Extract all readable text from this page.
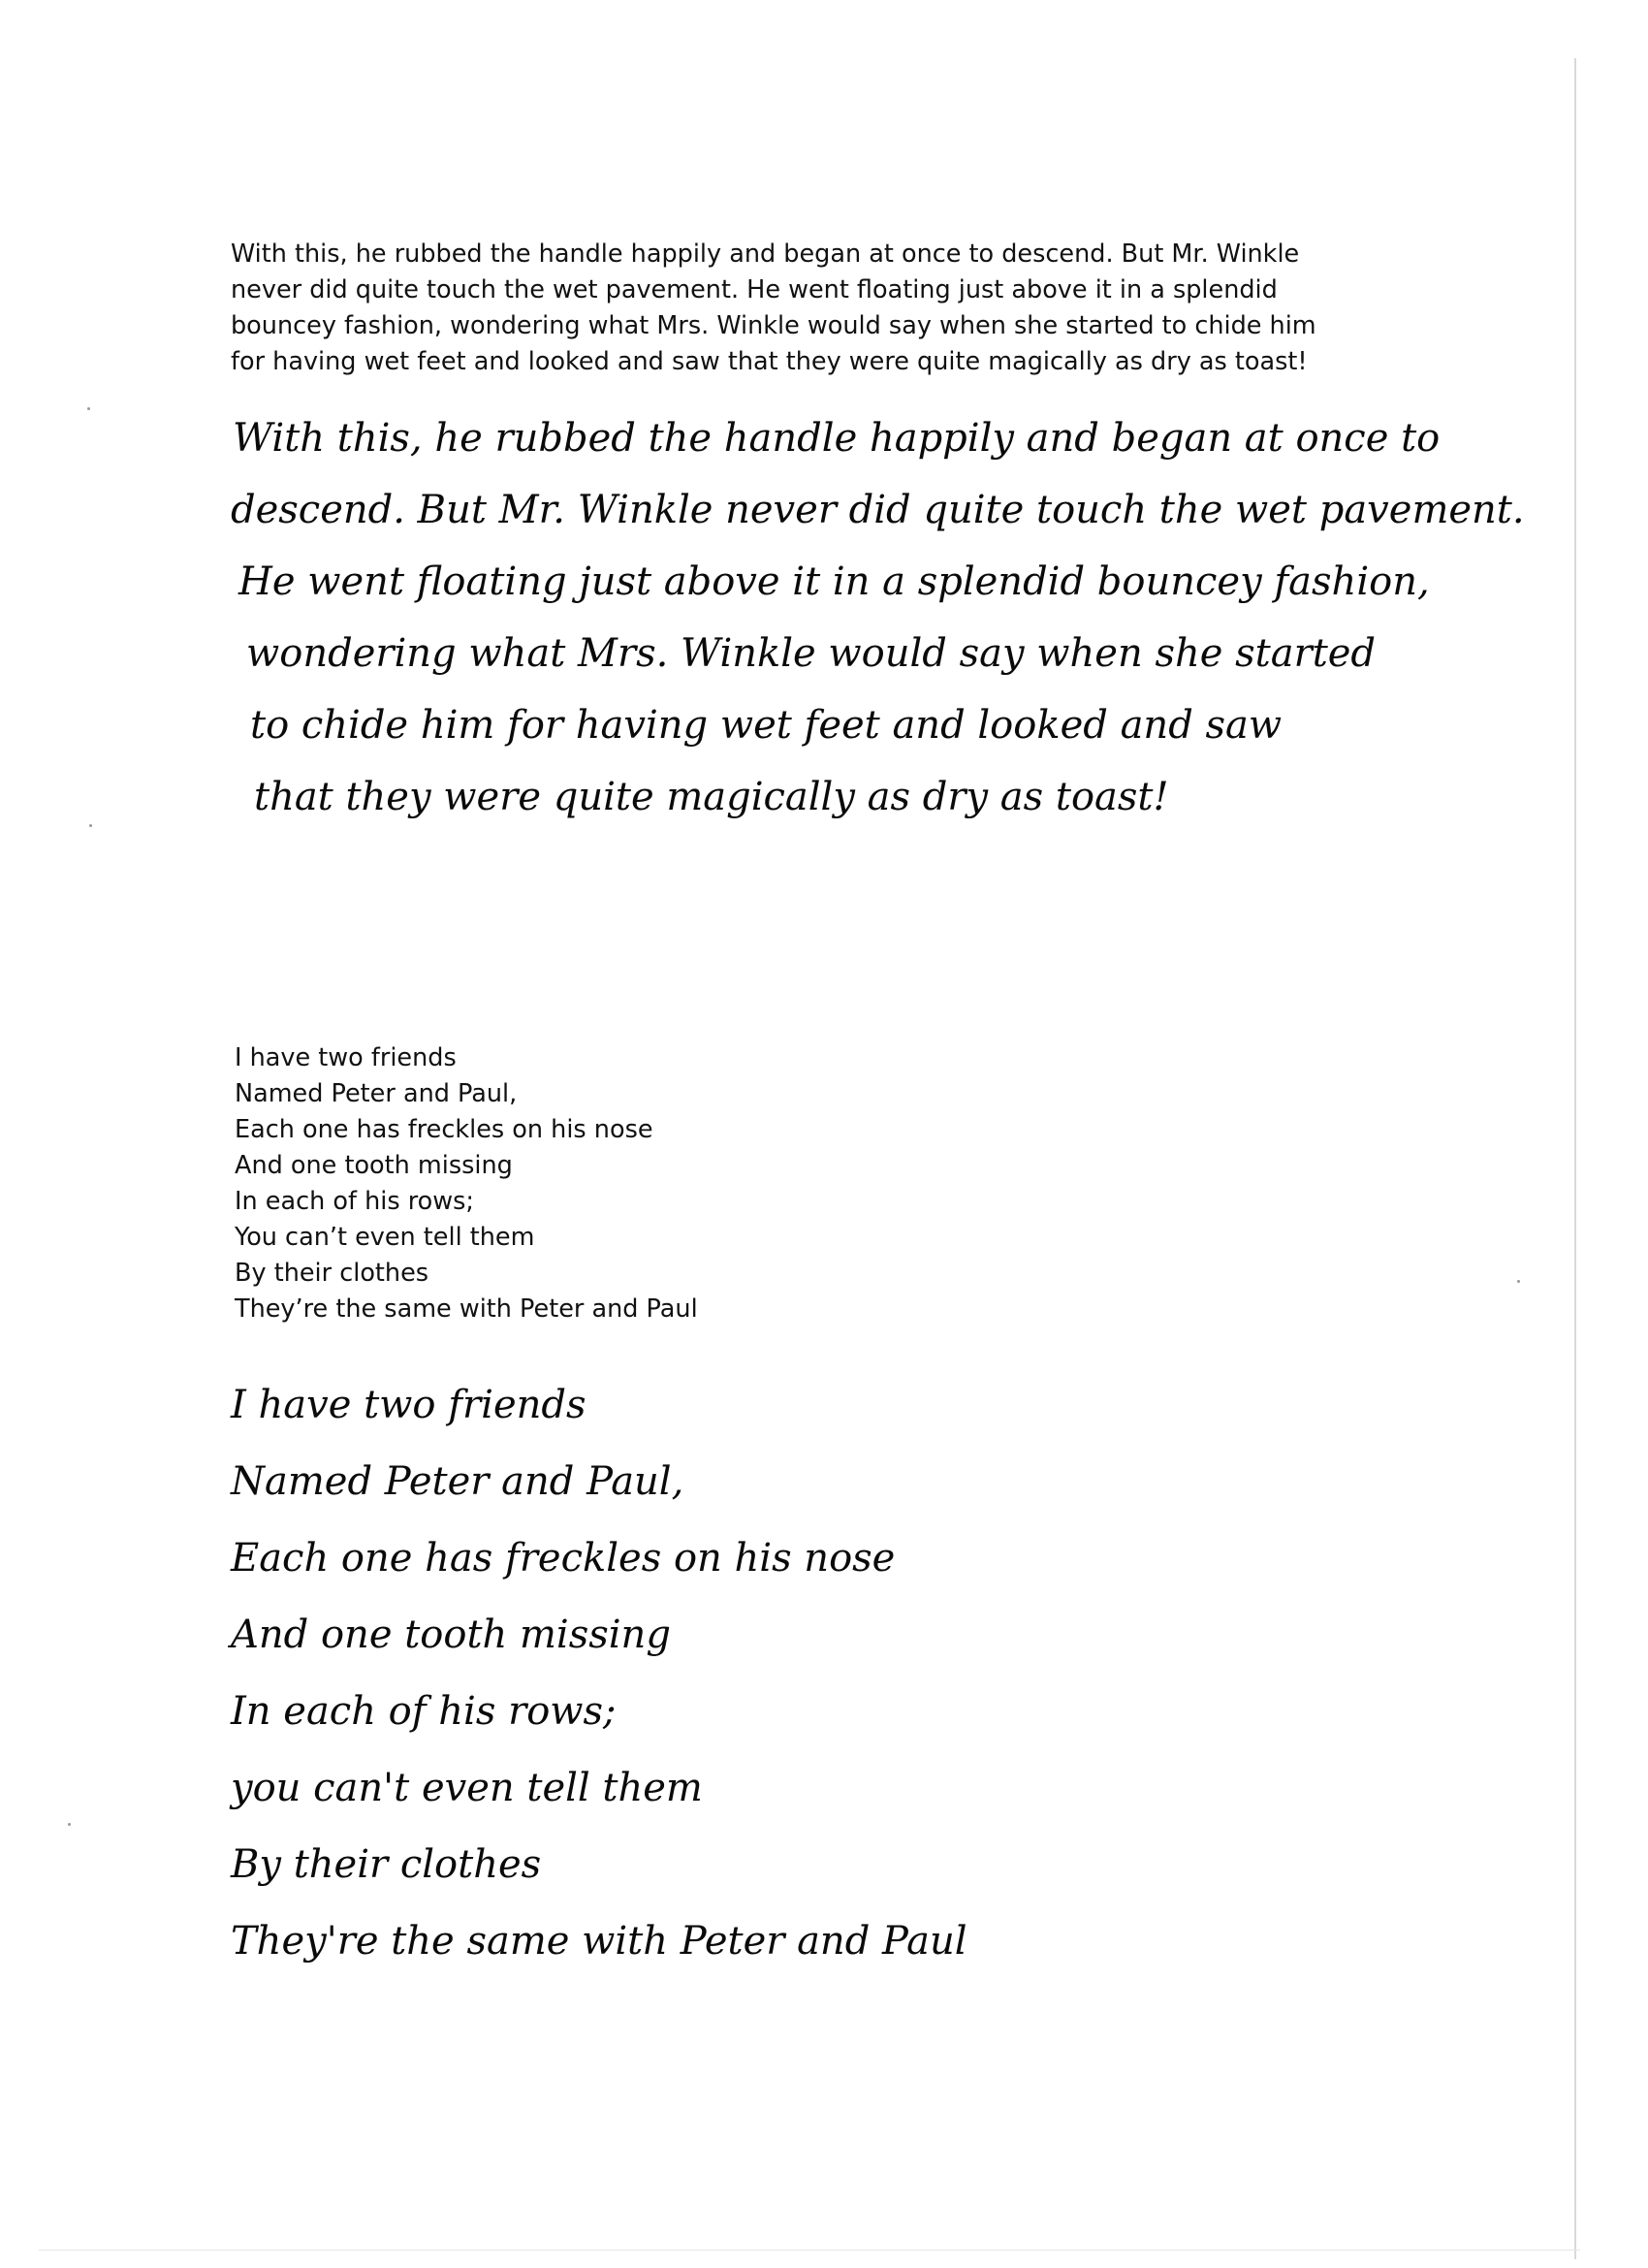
With this, he rubbed the handle happily and began at once to descend. But Mr. Winkle
never did quite touch the wet pavement. He went floating just above it in a splendid
bouncey fashion, wondering what Mrs. Winkle would say when she started to chide him
for having wet feet and looked and saw that they were quite magically as dry as toast!

With this, he rubbed the handle happily and began at once to
descend. But Mr. Winkle never did quite touch the wet pavement.
He went floating just above it in a splendid bouncey fashion,
wondering what Mrs. Winkle would say when she started
to chide him for having wet feet and looked and saw
that they were quite magically as dry as toast!

I have two friends
Named Peter and Paul,
Each one has freckles on his nose
And one tooth missing
In each of his rows;
You can’t even tell them
By their clothes
They’re the same with Peter and Paul

I have two friends
Named Peter and Paul,
Each one has freckles on his nose
And one tooth missing
In each of his rows;
you can't even tell them
By their clothes
They're the same with Peter and Paul
